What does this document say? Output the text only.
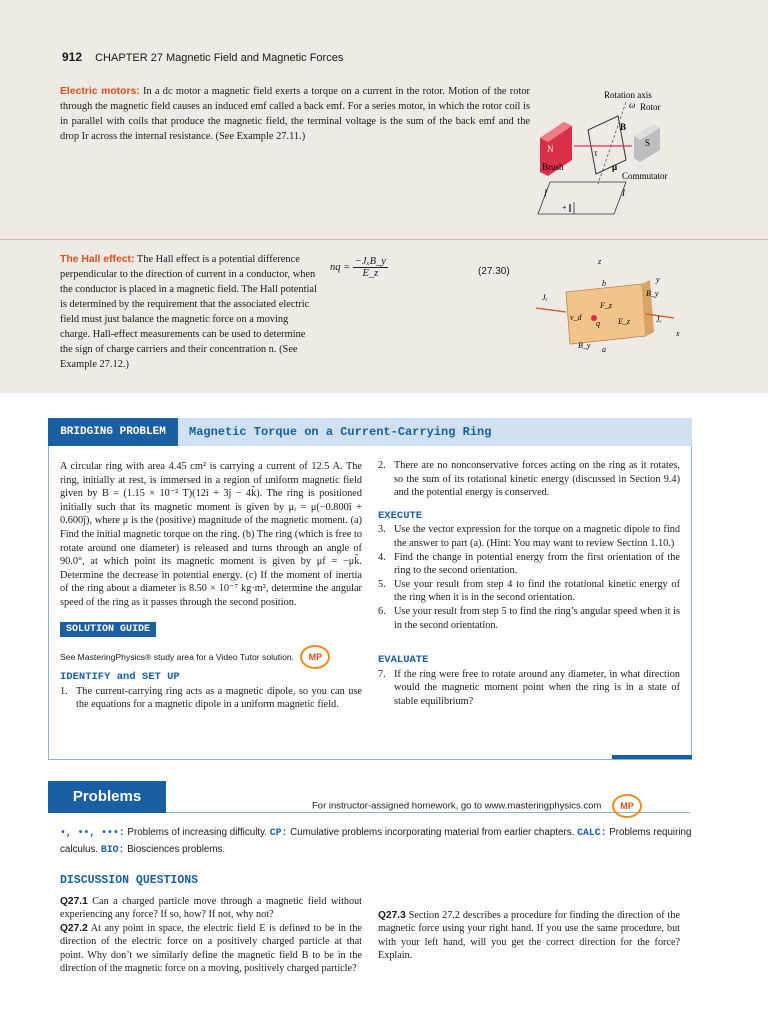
912 CHAPTER 27 Magnetic Field and Magnetic Forces
Electric motors: In a dc motor a magnetic field exerts a torque on a current in the rotor. Motion of the rotor through the magnetic field causes an induced emf called a back emf. For a series motor, in which the rotor coil is in parallel with coils that produce the magnetic field, the terminal voltage is the sum of the back emf and the drop Ir across the internal resistance. (See Example 27.11.)
Rotation axis
ω Rotor
N
S
B
τ
μ
Brush
Commutator
+
I	I
The Hall effect: The Hall effect is a potential difference perpendicular to the direction of current in a conductor, when the conductor is placed in a magnetic field. The Hall potential is determined by the requirement that the associated electric field must just balance the magnetic force on a moving charge. Hall-effect measurements can be used to determine the sign of charge carriers and their concentration n. (See Example 27.12.)
nq = $\frac{\text{−JₓB\_y}}{E\_z}$	(27.30)
z
y
x
Jₓ
Jₓ
B_y
B_y
b
a
F_z
E_z
v_d
q
BRIDGING PROBLEM	Magnetic Torque on a Current-Carrying Ring
A circular ring with area 4.45 cm² is carrying a current of 12.5 A. The ring, initially at rest, is immersed in a region of uniform magnetic field given by B = (1.15 × 10⁻² T)(12î + 3ĵ − 4k̂). The ring is positioned initially such that its magnetic moment is given by μᵢ = μ(−0.800î + 0.600ĵ), where μ is the (positive) magnitude of the magnetic moment. (a) Find the initial magnetic torque on the ring. (b) The ring (which is free to rotate around one diameter) is released and turns through an angle of 90.0°, at which point its magnetic moment is given by μf = −μk̂. Determine the decrease in potential energy. (c) If the moment of inertia of the ring about a diameter is 8.50 × 10⁻⁷ kg·m², determine the angular speed of the ring as it passes through the second position.
SOLUTION GUIDE
See MasteringPhysics® study area for a Video Tutor solution. MP
IDENTIFY and SET UP
1. The current-carrying ring acts as a magnetic dipole, so you can use the equations for a magnetic dipole in a uniform magnetic field.
2. There are no nonconservative forces acting on the ring as it rotates, so the sum of its rotational kinetic energy (discussed in Section 9.4) and the potential energy is conserved.
EXECUTE
3. Use the vector expression for the torque on a magnetic dipole to find the answer to part (a). (Hint: You may want to review Section 1.10.)
4. Find the change in potential energy from the first orientation of the ring to the second orientation.
5. Use your result from step 4 to find the rotational kinetic energy of the ring when it is in the second orientation.
6. Use your result from step 5 to find the ring’s angular speed when it is in the second orientation.
EVALUATE
7. If the ring were free to rotate around any diameter, in what direction would the magnetic moment point when the ring is in a state of stable equilibrium?
Problems
For instructor-assigned homework, go to www.masteringphysics.com MP
•, ••, •••: Problems of increasing difficulty. CP: Cumulative problems incorporating material from earlier chapters. CALC: Problems requiring calculus. BIO: Biosciences problems.
DISCUSSION QUESTIONS
Q27.1 Can a charged particle move through a magnetic field without experiencing any force? If so, how? If not, why not?
Q27.2 At any point in space, the electric field E is defined to be in the direction of the electric force on a positively charged particle at that point. Why don’t we similarly define the magnetic field B to be in the direction of the magnetic force on a moving, positively charged particle?
Q27.3 Section 27.2 describes a procedure for finding the direction of the magnetic force using your right hand. If you use the same procedure, but with your left hand, will you get the correct direction for the force? Explain.
